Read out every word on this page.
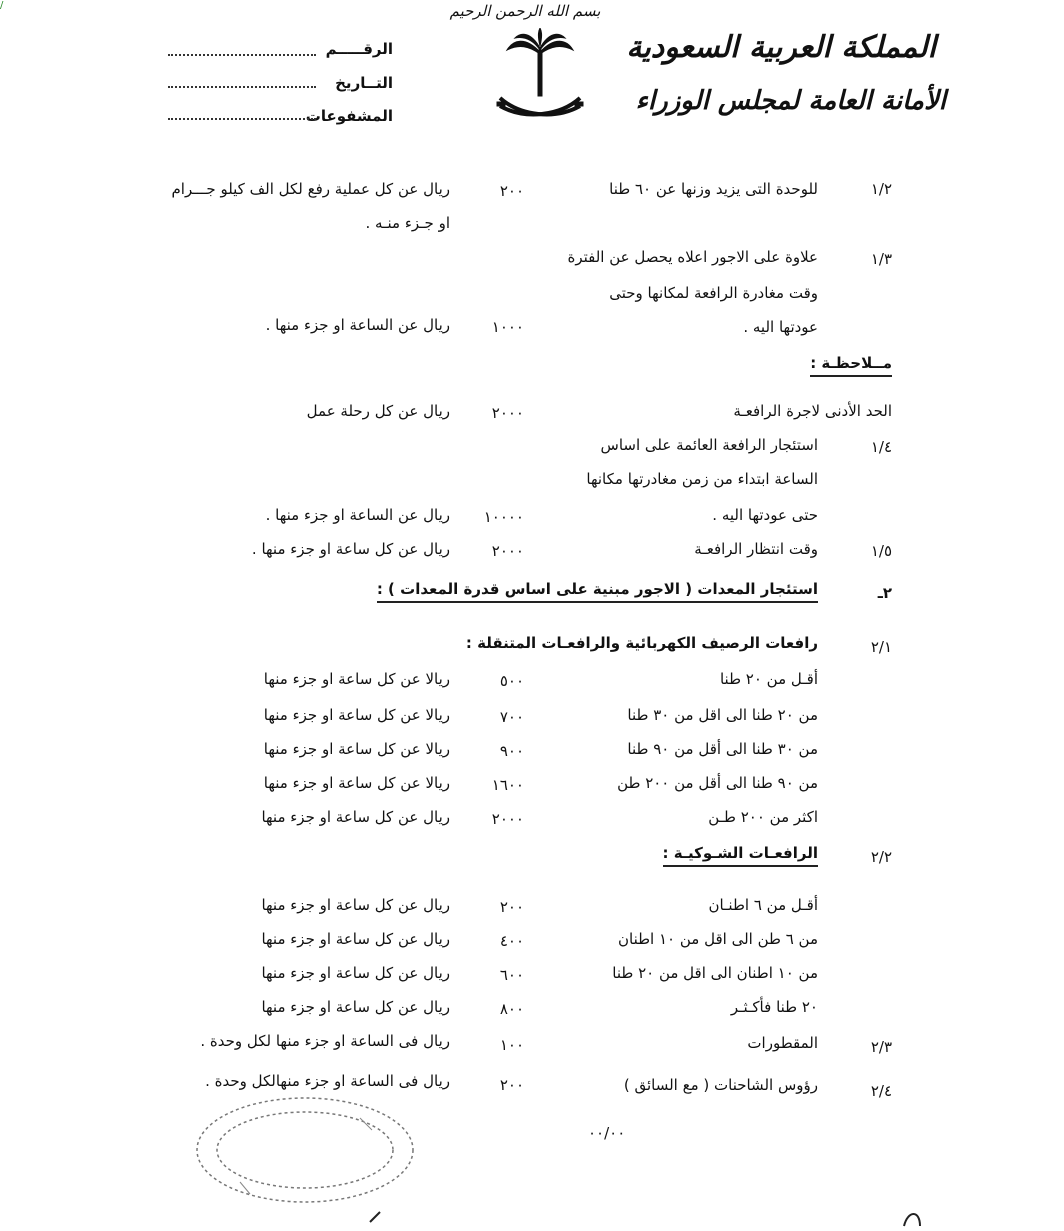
/	بسم الله الرحمن الرحيم
المملكة العربية السعودية
الأمانة العامة لمجلس الوزراء
الرقـــــم
التــاريخ
المشفوعات
١/٢
للوحدة التى يزيد وزنها عن ٦٠ طنا
٢٠٠
ريال عن كل عملية رفع لكل الف كيلو جـــرام
او جـزء منـه .
١/٣
علاوة على الاجور اعلاه يحصل عن الفترة
وقت مغادرة الرافعة لمكانها وحتى
عودتها اليه .
١٠٠٠
ريال عن الساعة او جزء منها .
مــلاحظـة :
الحد الأدنى لاجرة الرافعـة
٢٠٠٠
ريال عن كل رحلة عمل
١/٤
استئجار الرافعة العائمة على اساس
الساعة ابتداء من زمن مغادرتها مكانها
حتى عودتها اليه .
١٠٠٠٠
ريال عن الساعة او جزء منها .
١/٥
وقت انتظار الرافعـة
٢٠٠٠
ريال عن كل ساعة او جزء منها .
٢ـ
استئجار المعدات ( الاجور مبنية على اساس قدرة المعدات ) :
٢/١
رافعات الرصيف الكهربائية والرافعـات المتنقلة :
أقـل من ٢٠ طنا
٥٠٠
ريالا عن كل ساعة او جزء منها
من ٢٠ طنا الى اقل من ٣٠ طنا
٧٠٠
ريالا عن كل ساعة او جزء منها
من ٣٠ طنا الى أقل من ٩٠ طنا
٩٠٠
ريالا عن كل ساعة او جزء منها
من ٩٠ طنا الى أقل من ٢٠٠ طن
١٦٠٠
ريالا عن كل ساعة او جزء منها
اكثر من ٢٠٠ طـن
٢٠٠٠
ريال عن كل ساعة او جزء منها
٢/٢
الرافعـات الشـوكيـة :
أقـل من ٦ اطنـان
٢٠٠
ريال عن كل ساعة او جزء منها
من ٦ طن الى اقل من ١٠ اطنان
٤٠٠
ريال عن كل ساعة او جزء منها
من ١٠ اطنان الى اقل من ٢٠ طنا
٦٠٠
ريال عن كل ساعة او جزء منها
٢٠ طنا فأكـثـر
٨٠٠
ريال عن كل ساعة او جزء منها
٢/٣
المقطورات
١٠٠
ريال فى الساعة او جزء منها لكل وحدة .
٢/٤
رؤوس الشاحنات ( مع السائق )
٢٠٠
ريال فى الساعة او جزء منهالكل وحدة .
٠٠/٠٠
